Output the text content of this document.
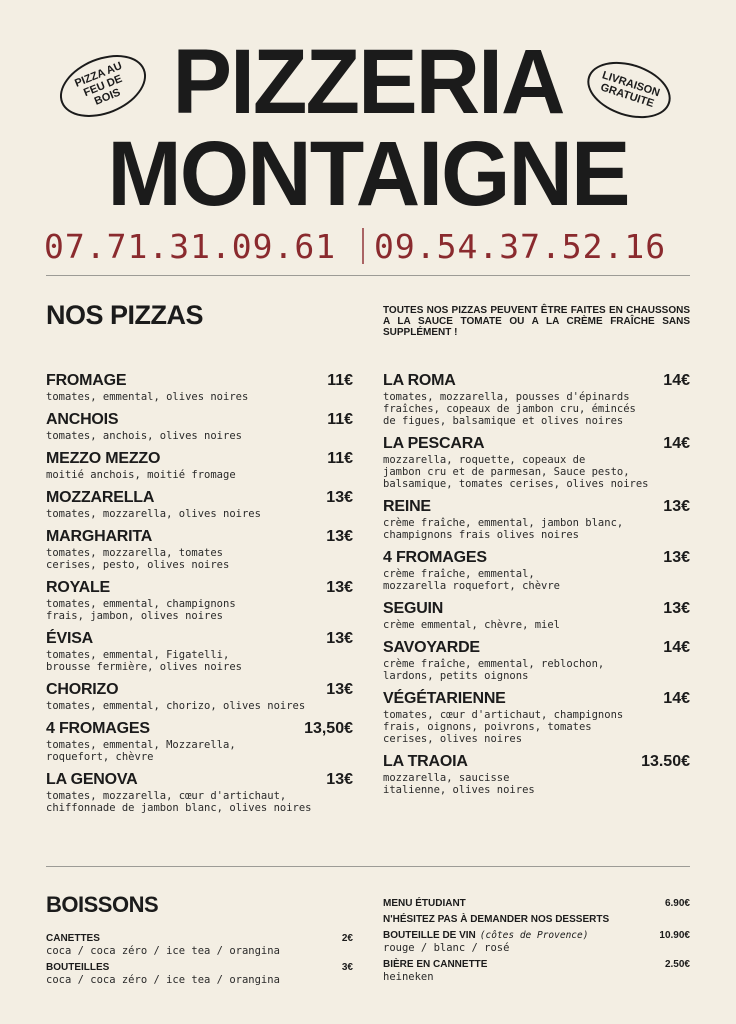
PIZZA AU FEU DE BOIS	LIVRAISON GRATUITE
PIZZERIA
MONTAIGNE
07.71.31.09.61	09.54.37.52.16
NOS PIZZAS	TOUTES NOS PIZZAS PEUVENT ÊTRE FAITES EN CHAUSSONS A LA SAUCE TOMATE OU A LA CRÈME FRAÎCHE SANS SUPPLÉMENT !
FROMAGE	11€
tomates, emmental, olives noires
ANCHOIS	11€
tomates, anchois, olives noires
MEZZO MEZZO	11€
moitié anchois, moitié fromage
MOZZARELLA	13€
tomates, mozzarella, olives noires
MARGHARITA	13€
tomates, mozzarella, tomates
cerises, pesto, olives noires
ROYALE	13€
tomates, emmental, champignons
frais, jambon, olives noires
ÉVISA	13€
tomates, emmental, Figatelli,
brousse fermière, olives noires
CHORIZO	13€
tomates, emmental, chorizo, olives noires
4 FROMAGES	13,50€
tomates, emmental, Mozzarella,
roquefort, chèvre
LA GENOVA	13€
tomates, mozzarella, cœur d'artichaut,
chiffonnade de jambon blanc, olives noires
LA ROMA	14€
tomates, mozzarella, pousses d'épinards
fraîches, copeaux de jambon cru, émincés
de figues, balsamique et olives noires
LA PESCARA	14€
mozzarella, roquette, copeaux de
jambon cru et de parmesan, Sauce pesto,
balsamique, tomates cerises, olives noires
REINE	13€
crème fraîche, emmental, jambon blanc,
champignons frais olives noires
4 FROMAGES	13€
crème fraîche, emmental,
mozzarella roquefort, chèvre
SEGUIN	13€
crème emmental, chèvre, miel
SAVOYARDE	14€
crème fraîche, emmental, reblochon,
lardons, petits oignons
VÉGÉTARIENNE	14€
tomates, cœur d'artichaut, champignons
frais, oignons, poivrons, tomates
cerises, olives noires
LA TRAOIA	13.50€
mozzarella, saucisse
italienne, olives noires
BOISSONS
CANETTES	2€
coca / coca zéro / ice tea / orangina
BOUTEILLES	3€
coca / coca zéro / ice tea / orangina
MENU ÉTUDIANT	6.90€
N'HÉSITEZ PAS À DEMANDER NOS DESSERTS
BOUTEILLE DE VIN (côtes de Provence)	10.90€
rouge / blanc / rosé
BIÈRE EN CANNETTE	2.50€
heineken
